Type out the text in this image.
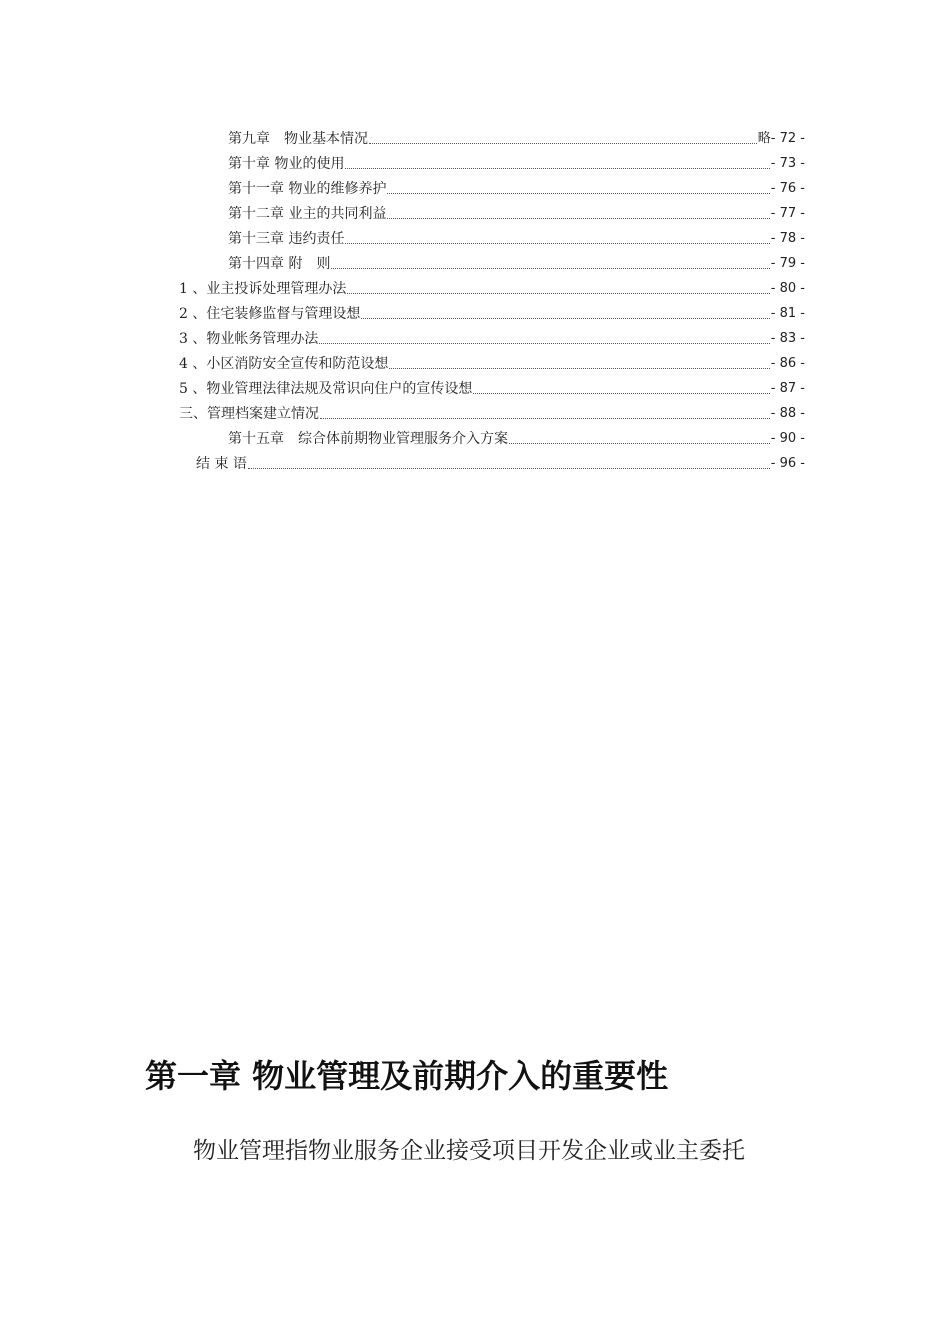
第九章　物业基本情况	略- 72 -
第十章 物业的使用	- 73 -
第十一章 物业的维修养护	- 76 -
第十二章 业主的共同利益	- 77 -
第十三章 违约责任	- 78 -
第十四章 附　则	- 79 -
1 、业主投诉处理管理办法	- 80 -
2 、住宅装修监督与管理设想	- 81 -
3 、物业帐务管理办法	- 83 -
4 、小区消防安全宣传和防范设想	- 86 -
5 、物业管理法律法规及常识向住户的宣传设想	- 87 -
三、管理档案建立情况	- 88 -
第十五章　综合体前期物业管理服务介入方案	- 90 -
结 束 语	- 96 -
第一章 物业管理及前期介入的重要性

物业管理指物业服务企业接受项目开发企业或业主委托
